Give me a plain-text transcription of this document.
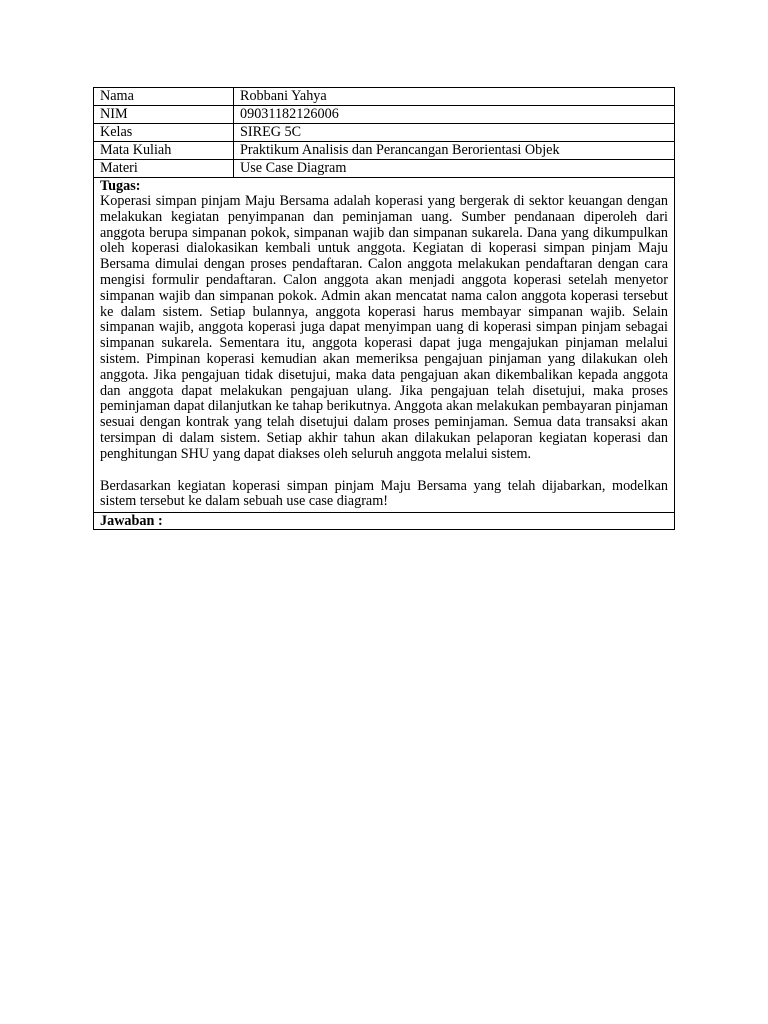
Nama	Robbani Yahya
NIM	09031182126006
Kelas	SIREG 5C
Mata Kuliah	Praktikum Analisis dan Perancangan Berorientasi Objek
Materi	Use Case Diagram

Tugas:

Koperasi simpan pinjam Maju Bersama adalah koperasi yang bergerak di sektor keuangan dengan melakukan kegiatan penyimpanan dan peminjaman uang. Sumber pendanaan diperoleh dari anggota berupa simpanan pokok, simpanan wajib dan simpanan sukarela. Dana yang dikumpulkan oleh koperasi dialokasikan kembali untuk anggota. Kegiatan di koperasi simpan pinjam Maju Bersama dimulai dengan proses pendaftaran. Calon anggota melakukan pendaftaran dengan cara mengisi formulir pendaftaran. Calon anggota akan menjadi anggota koperasi setelah menyetor simpanan wajib dan simpanan pokok. Admin akan mencatat nama calon anggota koperasi tersebut ke dalam sistem. Setiap bulannya, anggota koperasi harus membayar simpanan wajib. Selain simpanan wajib, anggota koperasi juga dapat menyimpan uang di koperasi simpan pinjam sebagai simpanan sukarela. Sementara itu, anggota koperasi dapat juga mengajukan pinjaman melalui sistem. Pimpinan koperasi kemudian akan memeriksa pengajuan pinjaman yang dilakukan oleh anggota. Jika pengajuan tidak disetujui, maka data pengajuan akan dikembalikan kepada anggota dan anggota dapat melakukan pengajuan ulang. Jika pengajuan telah disetujui, maka proses peminjaman dapat dilanjutkan ke tahap berikutnya. Anggota akan melakukan pembayaran pinjaman sesuai dengan kontrak yang telah disetujui dalam proses peminjaman. Semua data transaksi akan tersimpan di dalam sistem. Setiap akhir tahun akan dilakukan pelaporan kegiatan koperasi dan penghitungan SHU yang dapat diakses oleh seluruh anggota melalui sistem.

Berdasarkan kegiatan koperasi simpan pinjam Maju Bersama yang telah dijabarkan, modelkan sistem tersebut ke dalam sebuah use case diagram!	

Jawaban :	
